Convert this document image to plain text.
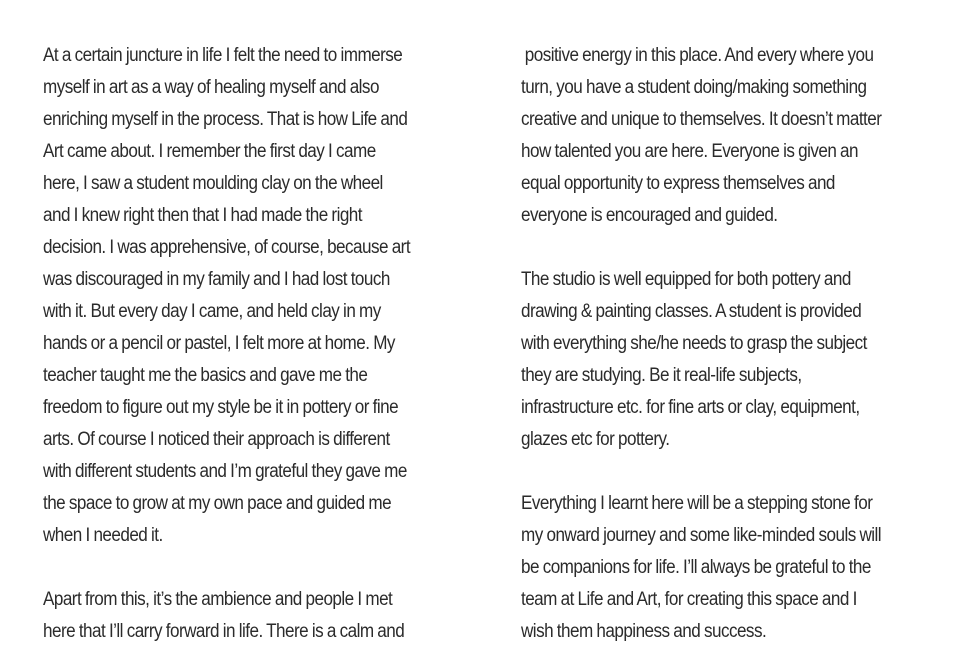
At a certain juncture in life I felt the need to immerse
myself in art as a way of healing myself and also
enriching myself in the process. That is how Life and
Art came about. I remember the first day I came
here, I saw a student moulding clay on the wheel
and I knew right then that I had made the right
decision. I was apprehensive, of course, because art
was discouraged in my family and I had lost touch
with it. But every day I came, and held clay in my
hands or a pencil or pastel, I felt more at home. My
teacher taught me the basics and gave me the
freedom to figure out my style be it in pottery or fine
arts. Of course I noticed their approach is different
with different students and I’m grateful they gave me
the space to grow at my own pace and guided me
when I needed it.

Apart from this, it’s the ambience and people I met
here that I’ll carry forward in life. There is a calm and

positive energy in this place. And every where you
turn, you have a student doing/making something
creative and unique to themselves. It doesn’t matter
how talented you are here. Everyone is given an
equal opportunity to express themselves and
everyone is encouraged and guided.

The studio is well equipped for both pottery and
drawing & painting classes. A student is provided
with everything she/he needs to grasp the subject
they are studying. Be it real-life subjects,
infrastructure etc. for fine arts or clay, equipment,
glazes etc for pottery.

Everything I learnt here will be a stepping stone for
my onward journey and some like-minded souls will
be companions for life. I’ll always be grateful to the
team at Life and Art, for creating this space and I
wish them happiness and success.
